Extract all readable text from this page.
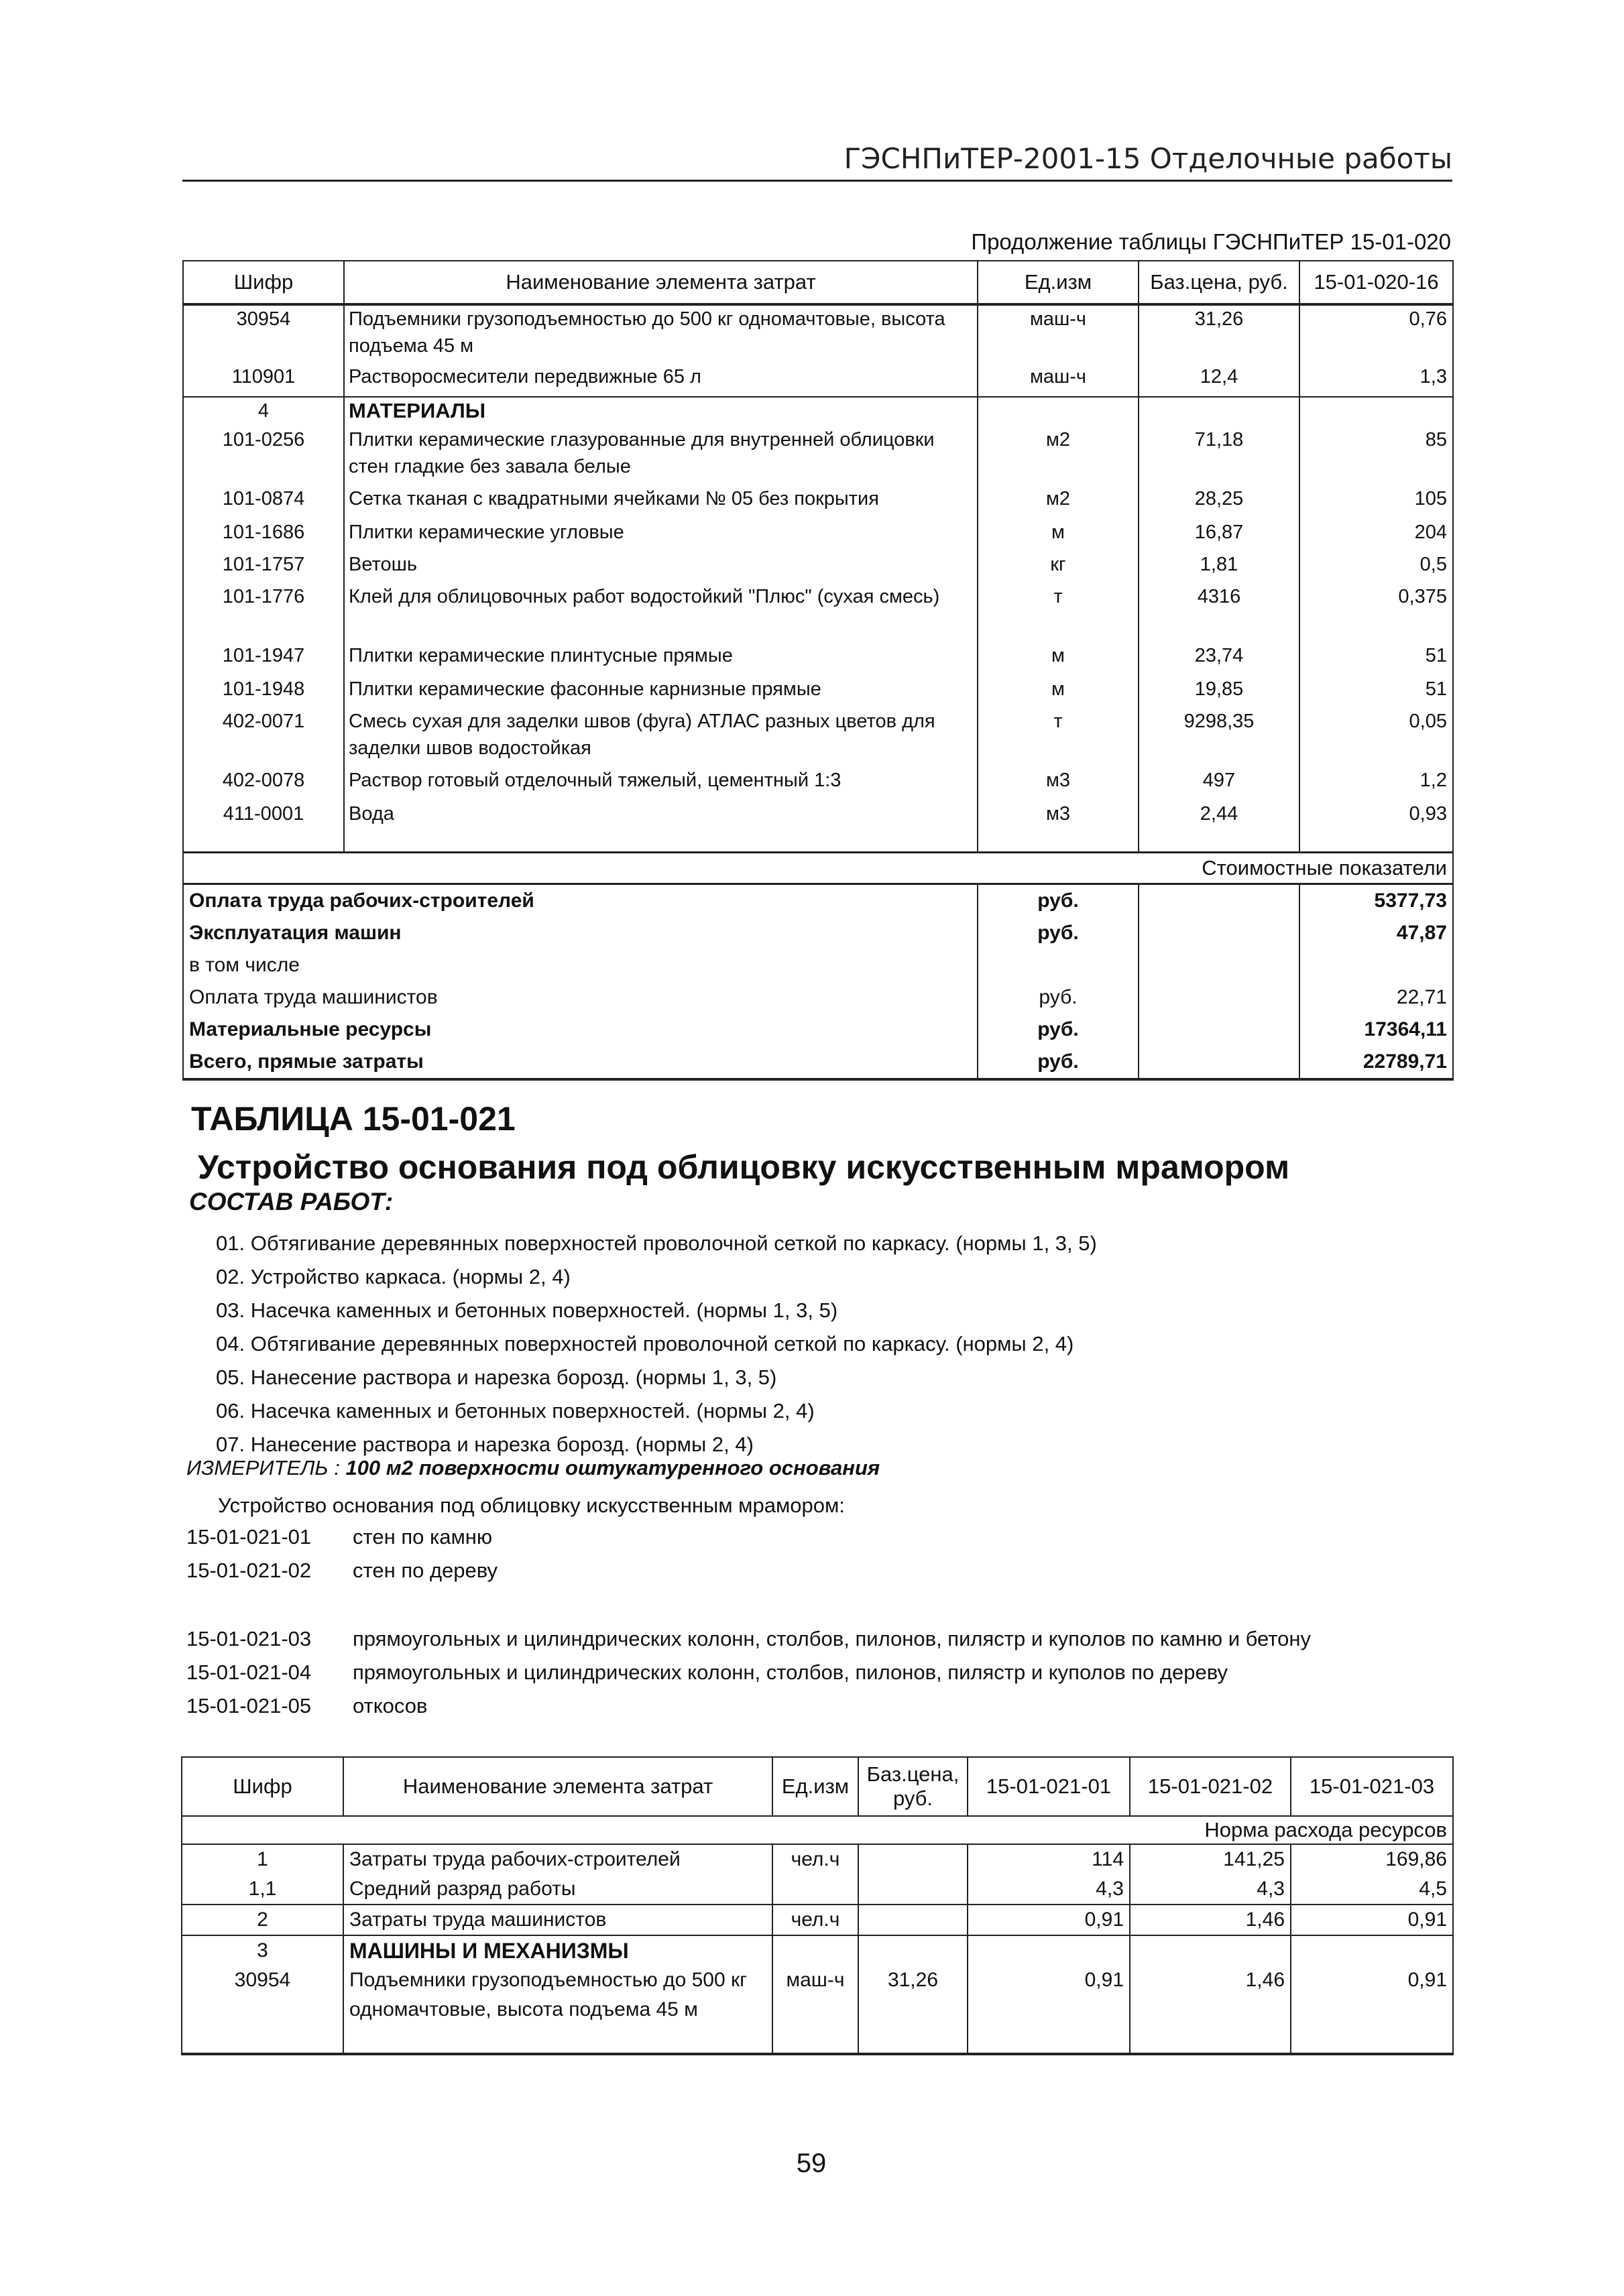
ГЭСНПиТЕР-2001-15 Отделочные работы
Продолжение таблицы ГЭСНПиТЕР 15-01-020
Шифр	Наименование элемента затрат	Ед.изм	Баз.цена, руб.	15-01-020-16
30954	Подъемники грузоподъемностью до 500 кг одномачтовые, высота подъема 45 м	маш-ч	31,26	0,76
110901	Растворосмесители передвижные 65 л	маш-ч	12,4	1,3
4	МАТЕРИАЛЫ			
101-0256	Плитки керамические глазурованные для внутренней облицовки стен гладкие без завала белые	м2	71,18	85
101-0874	Сетка тканая с квадратными ячейками № 05 без покрытия	м2	28,25	105
101-1686	Плитки керамические угловые	м	16,87	204
101-1757	Ветошь	кг	1,81	0,5
101-1776	Клей для облицовочных работ водостойкий "Плюс" (сухая смесь)	т	4316	0,375
101-1947	Плитки керамические плинтусные прямые	м	23,74	51
101-1948	Плитки керамические фасонные карнизные прямые	м	19,85	51
402-0071	Смесь сухая для заделки швов (фуга) АТЛАС разных цветов для заделки швов водостойкая	т	9298,35	0,05
402-0078	Раствор готовый отделочный тяжелый, цементный 1:3	м3	497	1,2
411-0001	Вода	м3	2,44	0,93

Стоимостные показатели				
Оплата труда рабочих-строителей		руб.		5377,73
Эксплуатация машин		руб.		47,87
в том числе				
Оплата труда машинистов		руб.		22,71
Материальные ресурсы		руб.		17364,11
Всего, прямые затраты		руб.		22789,71
ТАБЛИЦА 15-01-021
Устройство основания под облицовку искусственным мрамором
СОСТАВ РАБОТ:
01. Обтягивание деревянных поверхностей проволочной сеткой по каркасу. (нормы 1, 3, 5)
02. Устройство каркаса. (нормы 2, 4)
03. Насечка каменных и бетонных поверхностей. (нормы 1, 3, 5)
04. Обтягивание деревянных поверхностей проволочной сеткой по каркасу. (нормы 2, 4)
05. Нанесение раствора и нарезка борозд. (нормы 1, 3, 5)
06. Насечка каменных и бетонных поверхностей. (нормы 2, 4)
07. Нанесение раствора и нарезка борозд. (нормы 2, 4)
ИЗМЕРИТЕЛЬ : 100 м2 поверхности оштукатуренного основания
Устройство основания под облицовку искусственным мрамором:
15-01-021-01 стен по камню
15-01-021-02 стен по дереву
15-01-021-03 прямоугольных и цилиндрических колонн, столбов, пилонов, пилястр и куполов по камню и бетону
15-01-021-04 прямоугольных и цилиндрических колонн, столбов, пилонов, пилястр и куполов по дереву
15-01-021-05 откосов
Шифр	Наименование элемента затрат	Ед.изм	Баз.цена, руб.	15-01-021-01	15-01-021-02	15-01-021-03
Норма расхода ресурсов						
1	Затраты труда рабочих-строителей	чел.ч		114	141,25	169,86
1,1	Средний разряд работы			4,3	4,3	4,5
2	Затраты труда машинистов	чел.ч		0,91	1,46	0,91
3	МАШИНЫ И МЕХАНИЗМЫ					
30954	Подъемники грузоподъемностью до 500 кг одномачтовые, высота подъема 45 м	маш-ч	31,26	0,91	1,46	0,91
59
